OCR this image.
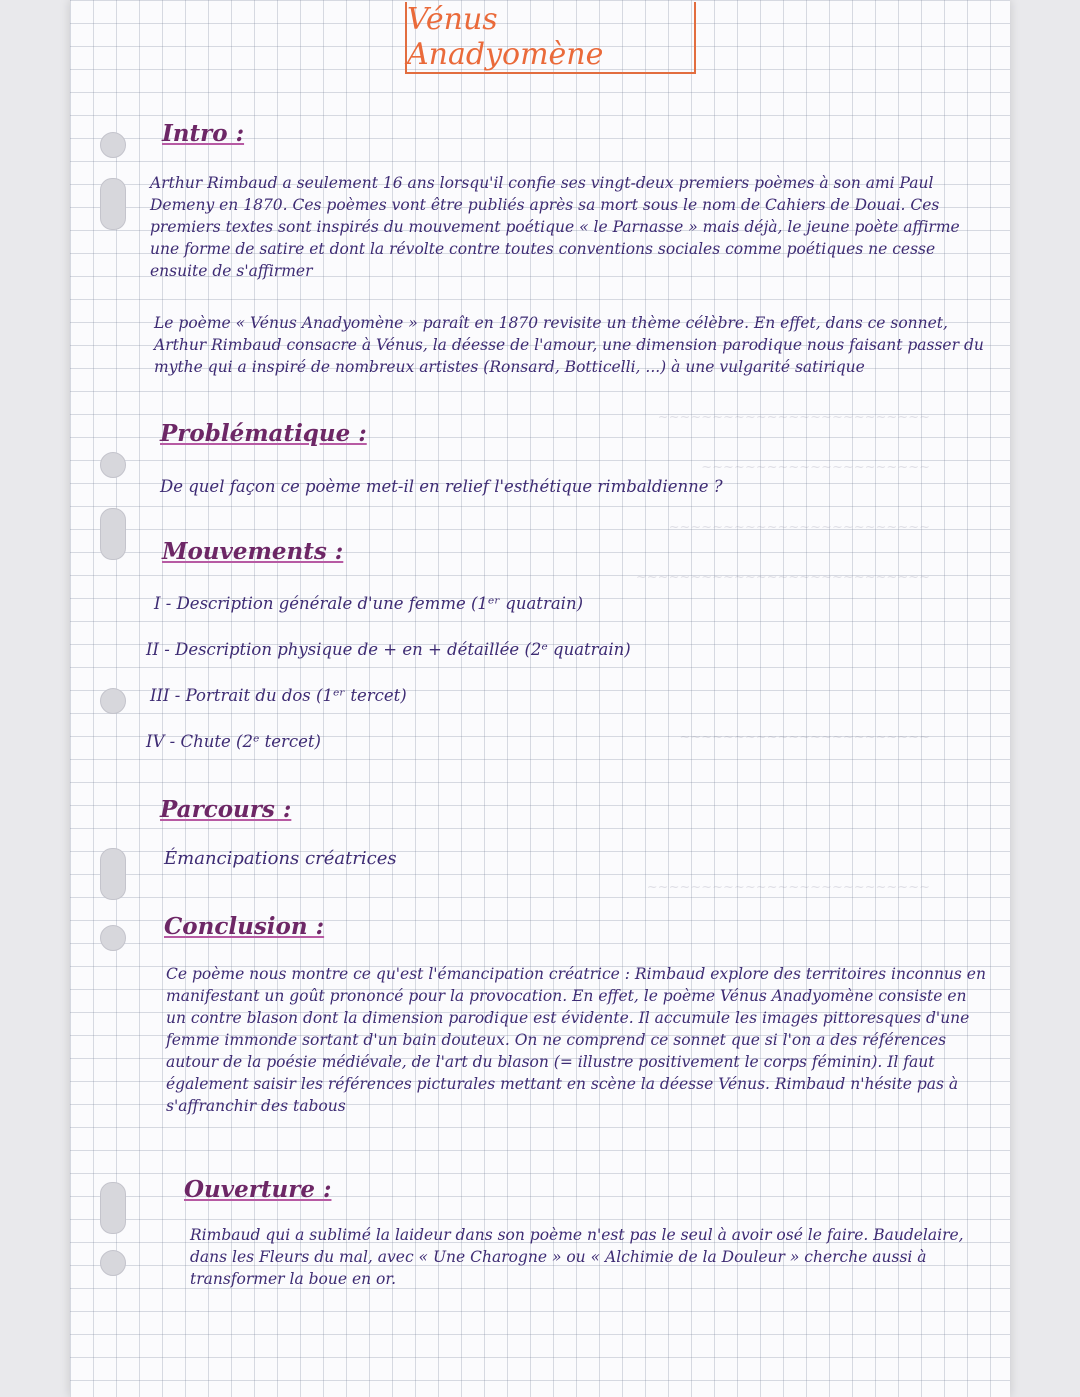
~~~~~~~~~~~~~~~~~~~~~~~~~
~~~~~~~~~~~~~~~~~~~~~
~~~~~~~~~~~~~~~~~~~~~~~~
~~~~~~~~~~~~~~~~~~~~~~~~~~~
~~~~~~~~~~~~~~~~~~~~~~~
~~~~~~~~~~~~~~~~~~~~~~~~~~
Vénus Anadyomène
Intro :

Arthur Rimbaud a seulement 16 ans lorsqu'il confie ses vingt-deux premiers poèmes à son ami Paul Demeny en 1870. Ces poèmes vont être publiés après sa mort sous le nom de Cahiers de Douai. Ces premiers textes sont inspirés du mouvement poétique « le Parnasse » mais déjà, le jeune poète affirme une forme de satire et dont la révolte contre toutes conventions sociales comme poétiques ne cesse ensuite de s'affirmer

Le poème « Vénus Anadyomène » paraît en 1870 revisite un thème célèbre. En effet, dans ce sonnet, Arthur Rimbaud consacre à Vénus, la déesse de l'amour, une dimension parodique nous faisant passer du mythe qui a inspiré de nombreux artistes (Ronsard, Botticelli, ...) à une vulgarité satirique

Problématique :
De quel façon ce poème met-il en relief l'esthétique rimbaldienne ?
Mouvements :
I - Description générale d'une femme (1ᵉʳ quatrain)
II - Description physique de + en + détaillée (2ᵉ quatrain)
III - Portrait du dos (1ᵉʳ tercet)
IV - Chute (2ᵉ tercet)
Parcours :
Émancipations créatrices
Conclusion :

Ce poème nous montre ce qu'est l'émancipation créatrice : Rimbaud explore des territoires inconnus en manifestant un goût prononcé pour la provocation. En effet, le poème Vénus Anadyomène consiste en un contre blason dont la dimension parodique est évidente. Il accumule les images pittoresques d'une femme immonde sortant d'un bain douteux. On ne comprend ce sonnet que si l'on a des références autour de la poésie médiévale, de l'art du blason (= illustre positivement le corps féminin). Il faut également saisir les références picturales mettant en scène la déesse Vénus. Rimbaud n'hésite pas à s'affranchir des tabous

Ouverture :

Rimbaud qui a sublimé la laideur dans son poème n'est pas le seul à avoir osé le faire. Baudelaire, dans les Fleurs du mal, avec « Une Charogne » ou « Alchimie de la Douleur » cherche aussi à transformer la boue en or.
